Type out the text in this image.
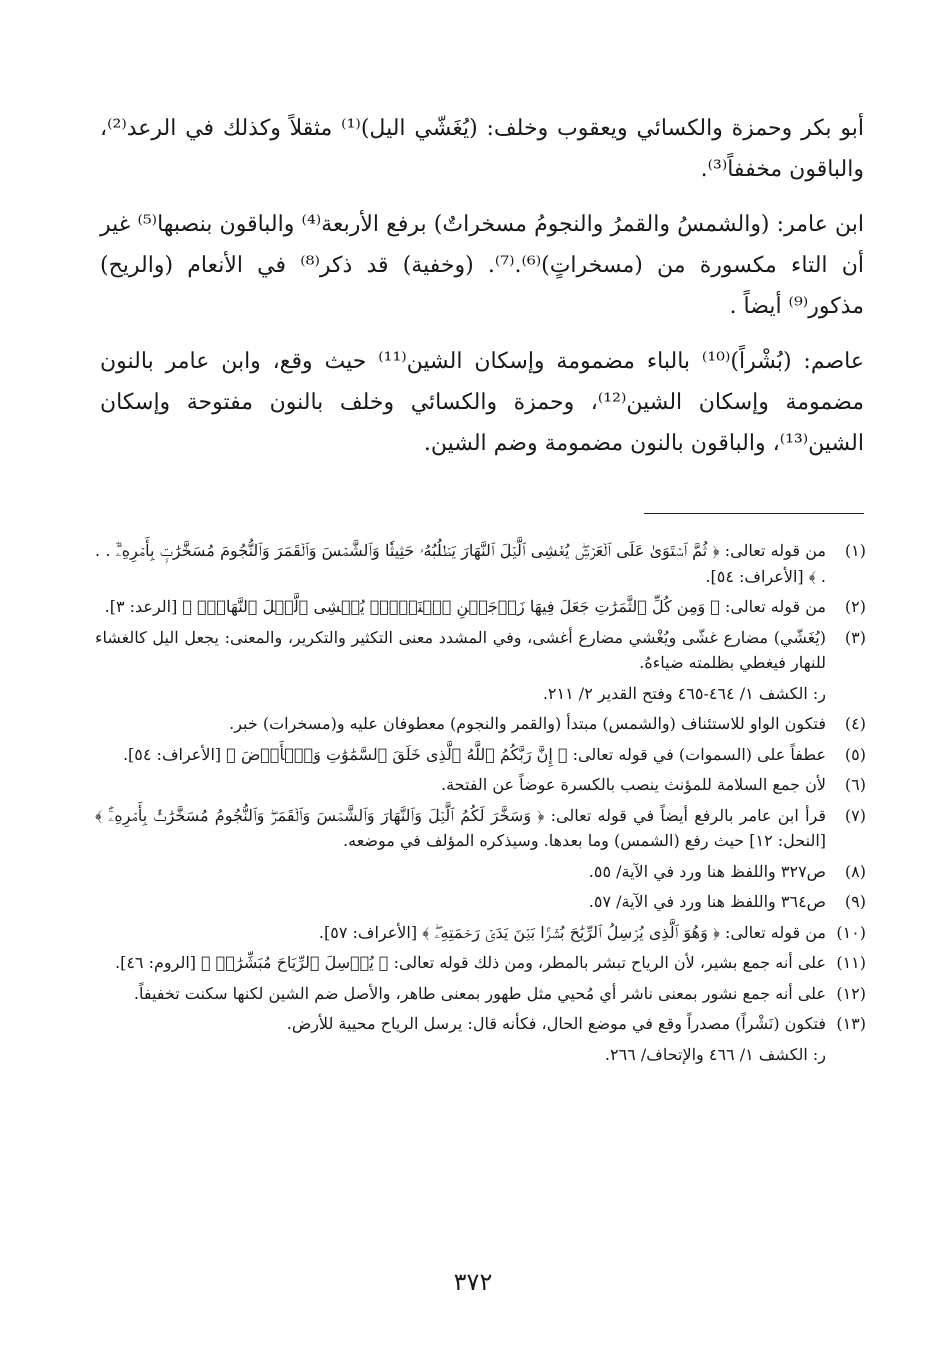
أبو بكر وحمزة والكسائي ويعقوب وخلف: (يُغَشّي اليل)⁽¹⁾ مثقلاً وكذلك في الرعد⁽²⁾، والباقون مخففاً⁽³⁾.

ابن عامر: (والشمسُ والقمرُ والنجومُ مسخراتٌ) برفع الأربعة⁽⁴⁾ والباقون بنصبها⁽⁵⁾ غير أن التاء مكسورة من (مسخراتٍ)⁽⁶⁾.⁽⁷⁾. (وخفية) قد ذكر⁽⁸⁾ في الأنعام (والريح) مذكور⁽⁹⁾ أيضاً .

عاصم: (بُشْراً)⁽¹⁰⁾ بالباء مضمومة وإسكان الشين⁽¹¹⁾ حيث وقع، وابن عامر بالنون مضمومة وإسكان الشين⁽¹²⁾، وحمزة والكسائي وخلف بالنون مفتوحة وإسكان الشين⁽¹³⁾، والباقون بالنون مضمومة وضم الشين.

(١)
من قوله تعالى: ﴿ ثُمَّ ٱسۡتَوَىٰ عَلَى ٱلۡعَرۡشِۖ يُغۡشِى ٱلَّيۡلَ ٱلنَّهَارَ يَطۡلُبُهُۥ حَثِيثٗا وَٱلشَّمۡسَ وَٱلۡقَمَرَ وَٱلنُّجُومَ مُسَخَّرَٰتِۭ بِأَمۡرِهِۦٓۗ . . . ﴾ [الأعراف: ٥٤].
(٢)
من قوله تعالى: ﴿ وَمِن كُلِّ ٱلثَّمَرَٰتِ جَعَلَ فِيهَا زَوۡجَيۡنِ ٱثۡنَيۡنِۖ يُغۡشِى ٱلَّيۡلَ ٱلنَّهَارَۚ ﴾ [الرعد: ٣].
(٣)
(يُغَشّي) مضارع غشّى ويُغْشي مضارع أغشى، وفي المشدد معنى التكثير والتكرير، والمعنى: يجعل اليل كالغشاء للنهار فيغطي بظلمته ضياءهُ.
ر: الكشف ١/ ٤٦٤-٤٦٥ وفتح القدير ٢/ ٢١١.
(٤)
فتكون الواو للاستئناف (والشمس) مبتدأ (والقمر والنجوم) معطوفان عليه و(مسخرات) خبر.
(٥)
عطفاً على (السموات) في قوله تعالى: ﴿ إِنَّ رَبَّكُمُ ٱللَّهُ ٱلَّذِى خَلَقَ ٱلسَّمَٰوَٰتِ وَٱلۡأَرۡضَ ﴾ [الأعراف: ٥٤].
(٦)
لأن جمع السلامة للمؤنث ينصب بالكسرة عوضاً عن الفتحة.
(٧)
قرأ ابن عامر بالرفع أيضاً في قوله تعالى: ﴿ وَسَخَّرَ لَكُمُ ٱلَّيۡلَ وَٱلنَّهَارَ وَٱلشَّمۡسَ وَٱلۡقَمَرَۖ وَٱلنُّجُومُ مُسَخَّرَٰتُۢ بِأَمۡرِهِۦٓۚ ﴾ [النحل: ١٢] حيث رفع (الشمس) وما بعدها. وسيذكره المؤلف في موضعه.
(٨)
ص٣٢٧ واللفظ هنا ورد في الآية/ ٥٥.
(٩)
ص٣٦٤ واللفظ هنا ورد في الآية/ ٥٧.
(١٠)
من قوله تعالى: ﴿ وَهُوَ ٱلَّذِى يُرۡسِلُ ٱلرِّيَٰحَ بُشۡرَۢا بَيۡنَ يَدَىۡ رَحۡمَتِهِۦۖ ﴾ [الأعراف: ٥٧].
(١١)
على أنه جمع بشير، لأن الرياح تبشر بالمطر، ومن ذلك قوله تعالى: ﴿ يُرۡسِلَ ٱلرِّيَاحَ مُبَشِّرَٰتٖ ﴾ [الروم: ٤٦].
(١٢)
على أنه جمع نشور بمعنى ناشر أي مُحيي مثل طهور بمعنى طاهر، والأصل ضم الشين لكنها سكنت تخفيفاً.
(١٣)
فتكون (نَشْراً) مصدراً وقع في موضع الحال، فكأنه قال: يرسل الرياح محيية للأرض.
ر: الكشف ١/ ٤٦٦ والإتحاف/ ٢٦٦.
٣٧٢
